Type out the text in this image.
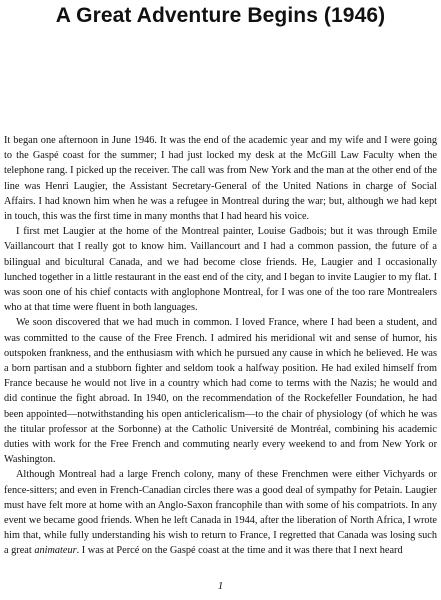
A Great Adventure Begins (1946)

It began one afternoon in June 1946. It was the end of the academic year and my wife and I were going to the Gaspé coast for the summer; I had just locked my desk at the McGill Law Faculty when the telephone rang. I picked up the receiver. The call was from New York and the man at the other end of the line was Henri Laugier, the Assistant Secretary-General of the United Nations in charge of Social Affairs. I had known him when he was a refugee in Montreal during the war; but, although we had kept in touch, this was the first time in many months that I had heard his voice.

I first met Laugier at the home of the Montreal painter, Louise Gadbois; but it was through Emile Vaillancourt that I really got to know him. Vaillancourt and I had a common passion, the future of a bilingual and bicultural Canada, and we had become close friends. He, Laugier and I occasionally lunched together in a little restaurant in the east end of the city, and I began to invite Laugier to my flat. I was soon one of his chief contacts with anglophone Montreal, for I was one of the too rare Montrealers who at that time were fluent in both languages.

We soon discovered that we had much in common. I loved France, where I had been a student, and was committed to the cause of the Free French. I admired his meridional wit and sense of humor, his outspoken frankness, and the enthusiasm with which he pursued any cause in which he believed. He was a born partisan and a stubborn fighter and seldom took a halfway position. He had exiled himself from France because he would not live in a country which had come to terms with the Nazis; he would and did continue the fight abroad. In 1940, on the recommendation of the Rockefeller Foundation, he had been appointed—notwithstanding his open anticlericalism—to the chair of physiology (of which he was the titular professor at the Sorbonne) at the Catholic Université de Montréal, combining his academic duties with work for the Free French and commuting nearly every weekend to and from New York or Washington.

Although Montreal had a large French colony, many of these Frenchmen were either Vichyards or fence-sitters; and even in French-Canadian circles there was a good deal of sympathy for Petain. Laugier must have felt more at home with an Anglo-Saxon francophile than with some of his compatriots. In any event we became good friends. When he left Canada in 1944, after the liberation of North Africa, I wrote him that, while fully understanding his wish to return to France, I regretted that Canada was losing such a great animateur. I was at Percé on the Gaspé coast at the time and it was there that I next heard

1
